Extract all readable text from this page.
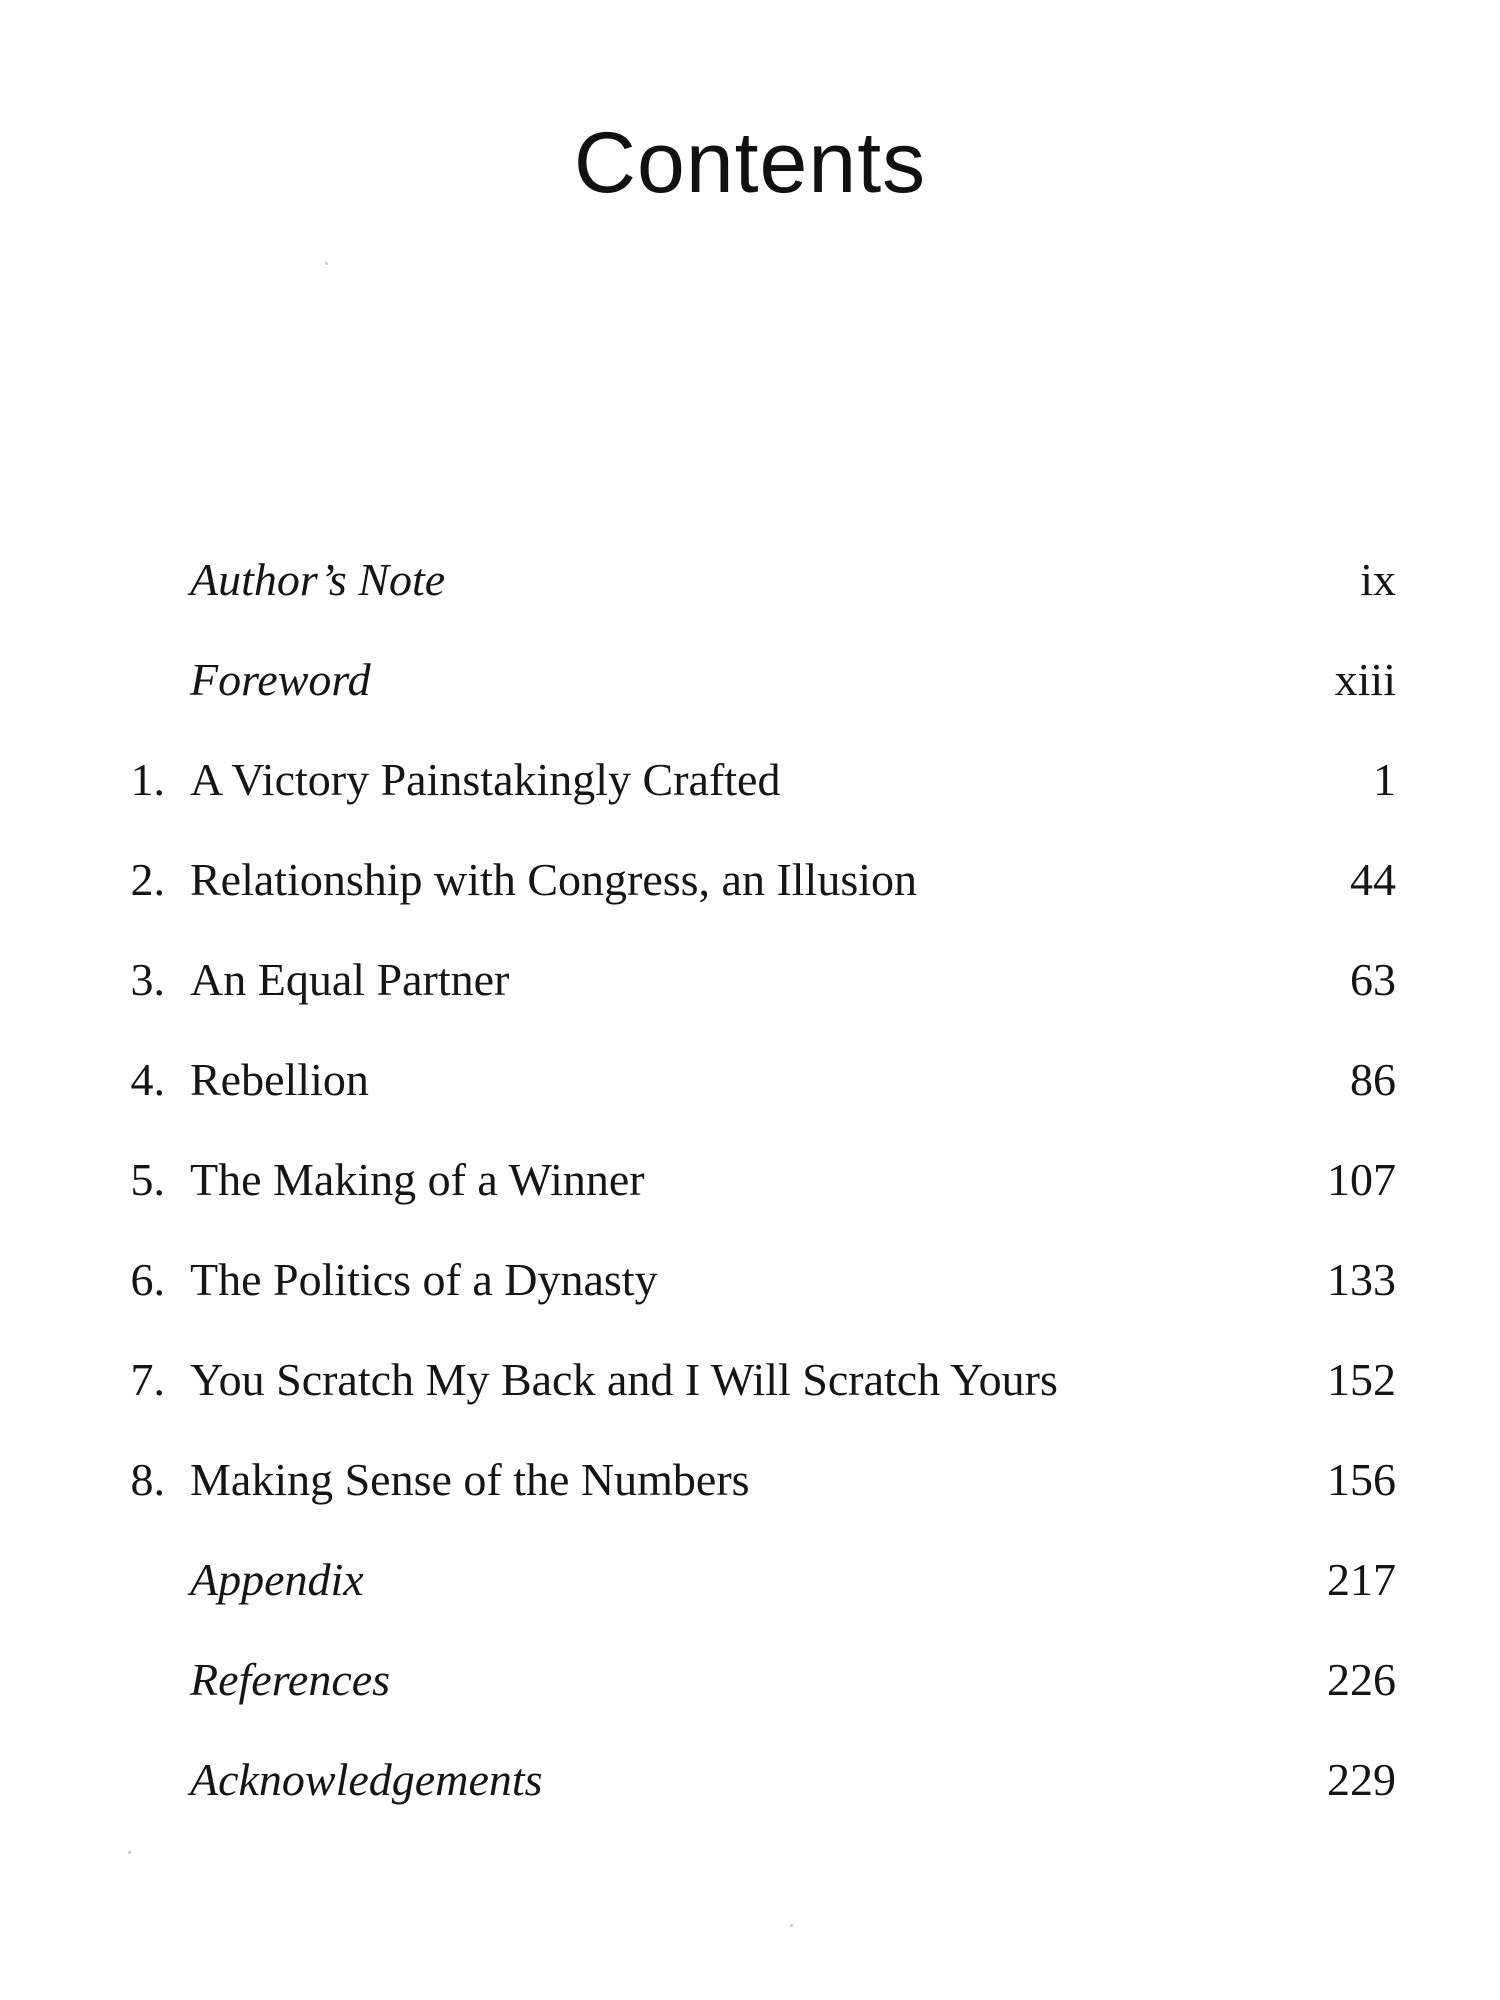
Contents
Author’s Note	ix
Foreword	xiii
1. A Victory Painstakingly Crafted	1
2. Relationship with Congress, an Illusion	44
3. An Equal Partner	63
4. Rebellion	86
5. The Making of a Winner	107
6. The Politics of a Dynasty	133
7. You Scratch My Back and I Will Scratch Yours	152
8. Making Sense of the Numbers	156
Appendix	217
References	226
Acknowledgements	229
